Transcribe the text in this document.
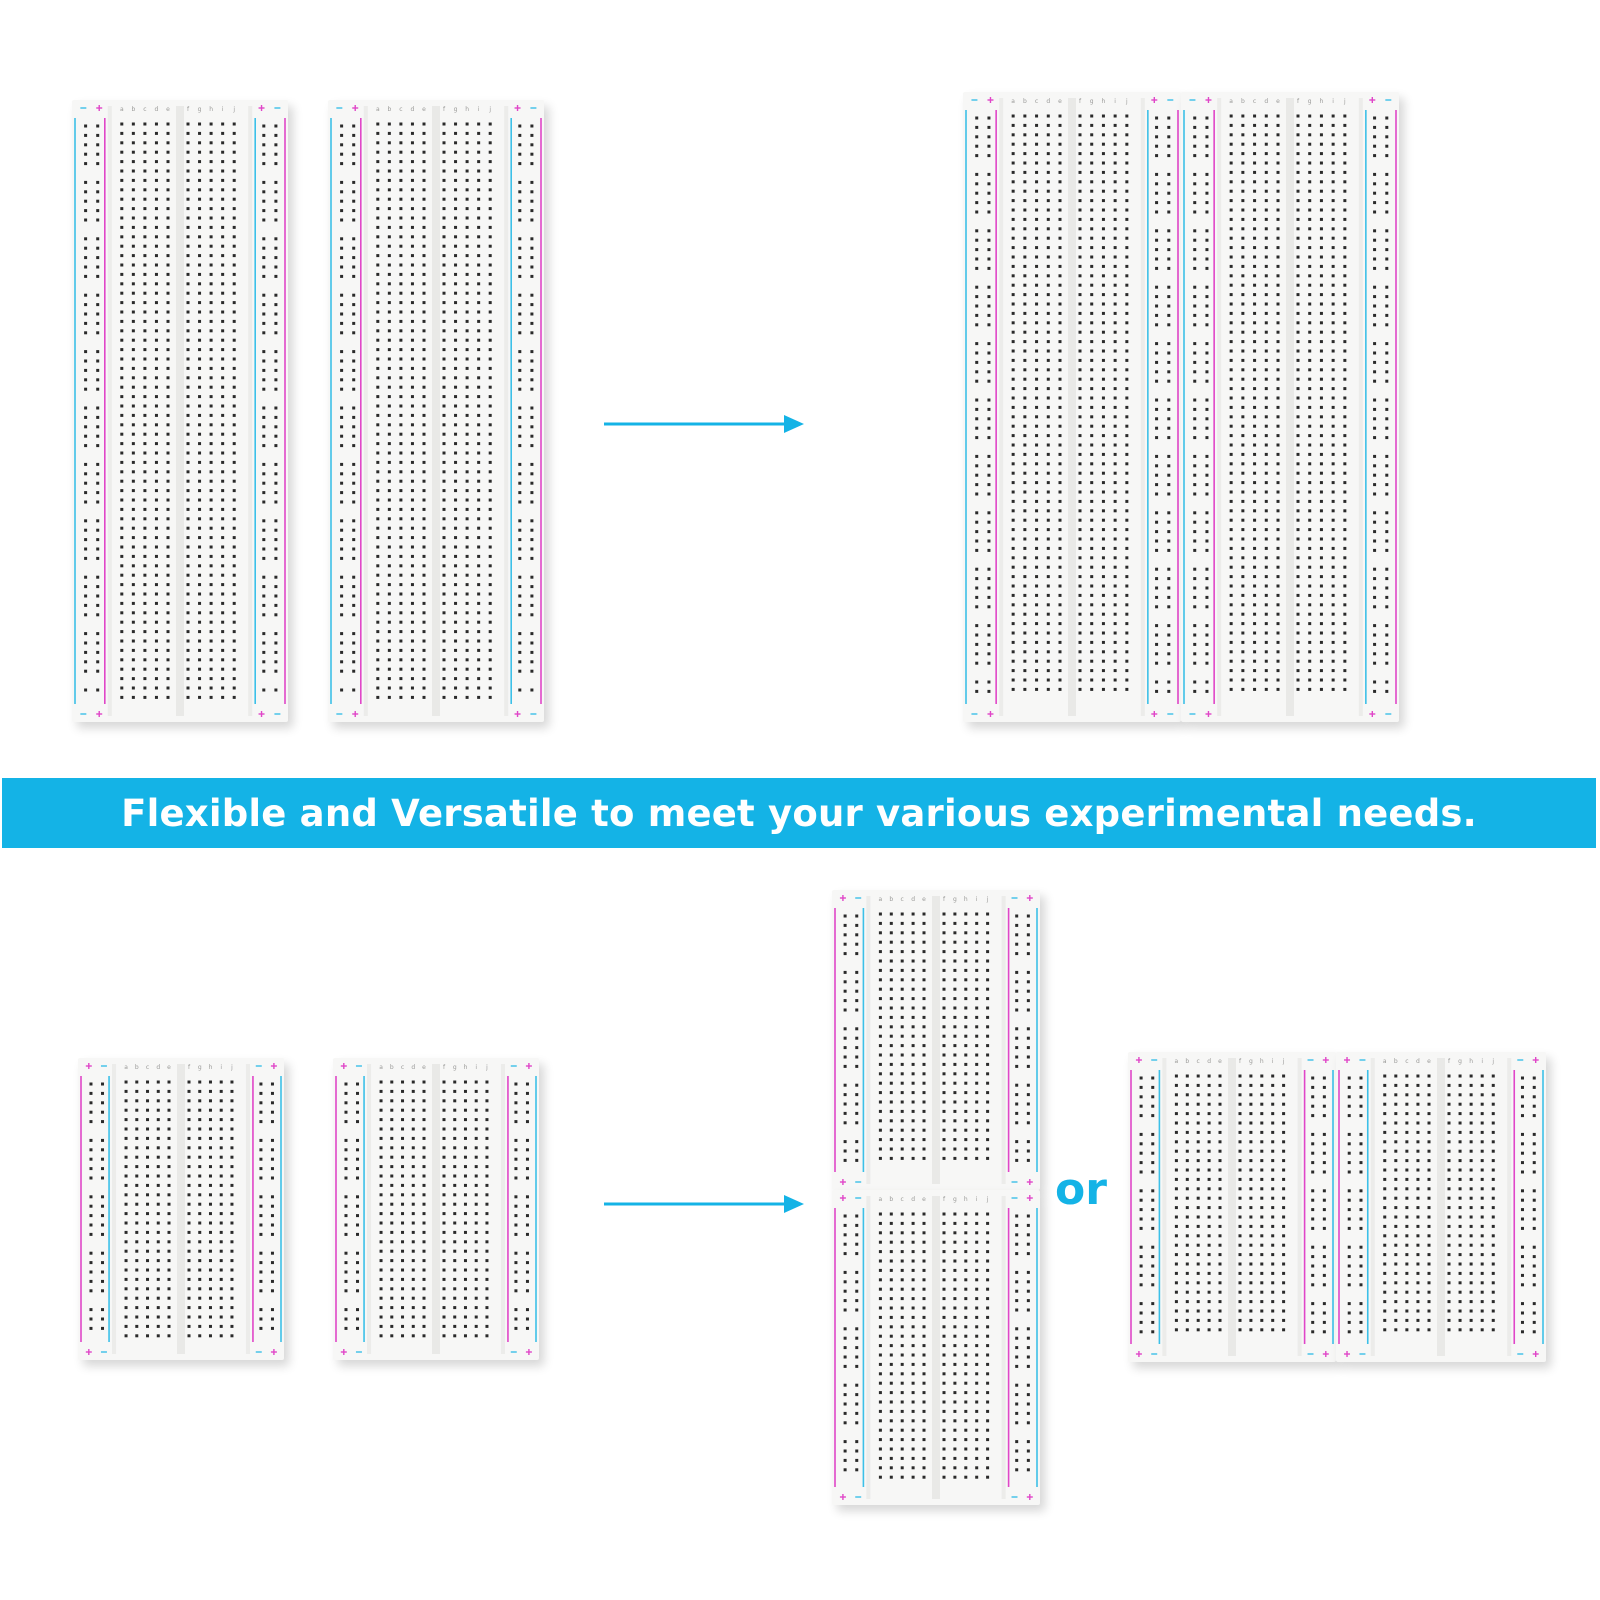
a	f
b	g
c	h
d	i
e	j	a	f
b	g
c	h
d	i
e	j
a	f
b	g
c	h
d	i
e	j	a	f
b	g
c	h
d	i
e	j
Flexible and Versatile to meet your various experimental needs.
a	f
b	g
c	h
d	i
e	j	a	f
b	g
c	h
d	i
e	j
a	f
b	g
c	h
d	i
e	j
a	f
b	g
c	h
d	i
e	j or
a	f
b	g
c	h
d	i
e	j	a	f
b	g
c	h
d	i
e	j
